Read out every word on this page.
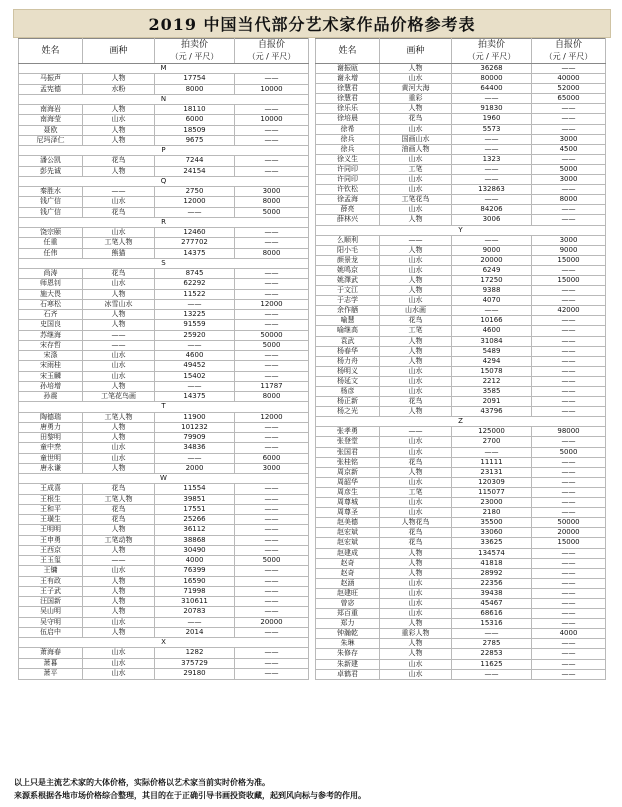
2019 中国当代部分艺术家作品价格参考表
姓名	画种	拍卖价
（元 / 平尺）	自报价
（元 / 平尺）

M			
马振声	人物	17754	——
孟宪德	水粉	8000	10000
N			
南海岩	人物	18110	——
南海莹	山水	6000	10000
聂欧	人物	18509	——
尼玛泽仁	人物	9675	——
P			
潘公凯	花鸟	7244	——
彭先诚	人物	24154	——
Q			
秦胜水	——	2750	3000
钱广信	山水	12000	8000
钱广信	花鸟	——	5000
R			
饶宗颐	山水	12460	——
任重	工笔人物	277702	——
任伟	熊猫	14375	8000
S			
尚涛	花鸟	8745	——
师恩钊	山水	62292	——
施大畏	人物	11522	——
石寒松	冰雪山水	——	12000
石齐	人物	13225	——
史国良	人物	91559	——
苏继海	——	25920	50000
宋存哲	——	——	5000
宋涤	山水	4600	——
宋雨桂	山水	49452	——
宋玉麟	山水	15402	——
孙培增	人物	——	11787
孙震	工笔花鸟画	14375	8000
T			
陶德瑞	工笔人物	11900	12000
唐勇力	人物	101232	——
田黎明	人物	79909	——
童中焘	山水	34836	——
童世明	山水	——	6000
唐永谦	人物	2000	3000
W			
王成喜	花鸟	11554	——
王根生	工笔人物	39851	——
王和平	花鸟	17551	——
王璜生	花鸟	25266	——
王明明	人物	36112	——
王申勇	工笔动物	38868	——
王西京	人物	30490	——
王玉玺	——	4000	5000
王镛	山水	76399	——
王有政	人物	16590	——
王子武	人物	71998	——
汪国新	人物	310611	——
吴山明	人物	20783	——
吴守明	山水	——	20000
伍启中	人物	2014	——
X			
萧海春	山水	1282	——
萧暮	山水	375729	——
萧平	山水	29180	——
姓名	画种	拍卖价
（元 / 平尺）	自报价
（元 / 平尺）

谢振瓯	人物	36268	——
谢永增	山水	80000	40000
徐慧君	黄河大海	64400	52000
徐慧君	重彩	——	65000
徐乐乐	人物	91830	——
徐培晨	花鸟	1960	——
徐希	山水	5573	——
徐兵	国画山水	——	3000
徐兵	油画人物	——	4500
徐义生	山水	1323	——
许同印	工笔	——	5000
许同印	山水	——	3000
许钦松	山水	132863	——
徐孟海	工笔花鸟	——	8000
薛亮	山水	84206	——
薛林兴	人物	3006	——
Y			
么顺利	——	——	3000
阳小毛	人物	9000	9000
颜景龙	山水	20000	15000
姚鸣京	山水	6249	——
姚澤武	人物	17250	15000
于文江	人物	9388	——
于志学	山水	4070	——
余作舾	山水画	——	42000
喻慧	花鸟	10166	——
喻继高	工笔	4600	——
袁武	人物	31084	——
杨春华	人物	5489	——
杨力舟	人物	4294	——
杨明义	山水	15078	——
杨延文	山水	2212	——
杨彦	山水	3585	——
杨正新	花鸟	2091	——
杨之光	人物	43796	——
Z			
张孝勇	——	125000	98000
张登堂	山水	2700	——
张国君	山水	——	5000
张桂铭	花鸟	11111	——
周京新	人物	23131	——
周韶华	山水	120309	——
周彦生	工笔	115077	——
周尊城	山水	23000	——
周尊圣	山水	2180	——
赵美德	人物花鸟	35500	50000
赵宏斌	花鸟	33060	20000
赵宏斌	花鸟	33625	15000
赵建成	人物	134574	——
赵奇	人物	41818	——
赵奇	人物	28992	——
赵涵	山水	22356	——
赵建旺	山水	39438	——
曾宓	山水	45467	——
郑百重	山水	68616	——
郑力	人物	15316	——
钟瀚乾	重彩人物	——	4000
朱琳	人物	2785	——
朱修存	人物	22853	——
朱新建	山水	11625	——
卓鹤君	山水	——	——
以上只是主流艺术家的大体价格，实际价格以艺术家当前实时价格为准。
来源系根据各地市场价格综合整理，其目的在于正确引导书画投资收藏，起到风向标与参考的作用。
